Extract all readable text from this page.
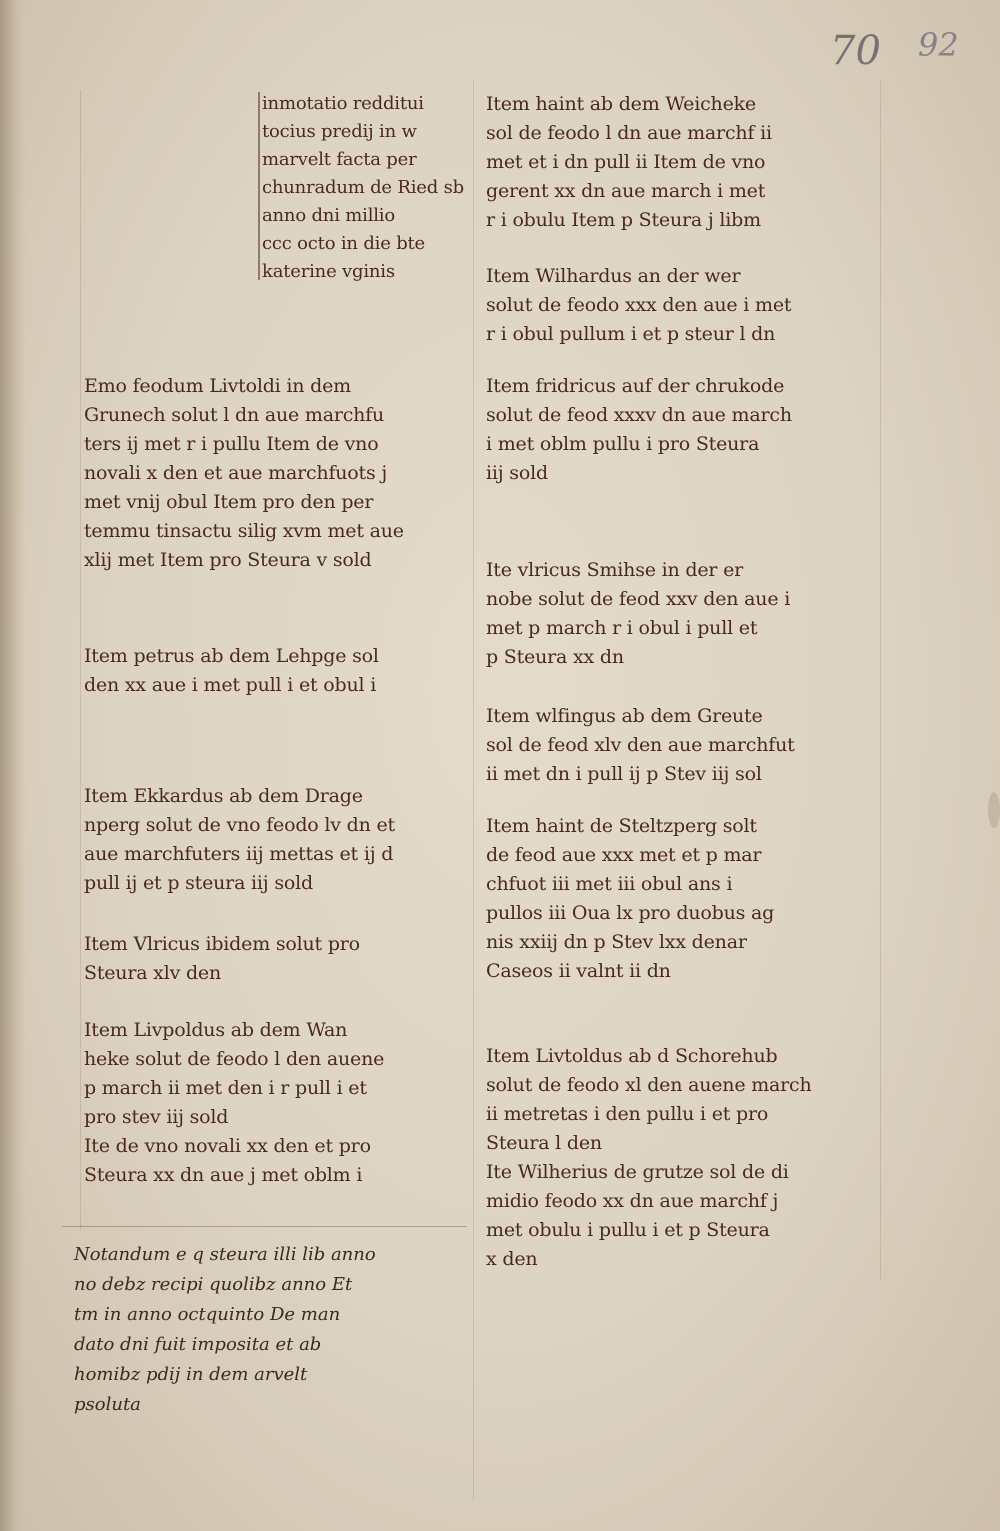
70 92
inmotatio redditui
tocius predij in w
marvelt facta per
chunradum de Ried sb
anno dni millio
ccc octo in die bte
katerine vginis
Emo feodum Livtoldi in dem
Grunech solut l dn aue marchfu
ters ij met r i pullu Item de vno
novali x den et aue marchfuots j
met vnij obul Item pro den per
temmu tinsactu silig xvm met aue
xlij met Item pro Steura v sold
Item petrus ab dem Lehpge sol
den xx aue i met pull i et obul i
Item Ekkardus ab dem Drage
nperg solut de vno feodo lv dn et
aue marchfuters iij mettas et ij d
pull ij et p steura iij sold
Item Vlricus ibidem solut pro
Steura xlv den
Item Livpoldus ab dem Wan
heke solut de feodo l den auene
p march ii met den i r pull i et
pro stev iij sold
Ite de vno novali xx den et pro
Steura xx dn aue j met oblm i
Notandum e q steura illi lib anno
no debz recipi quolibz anno Et
tm in anno octquinto De man
dato dni fuit imposita et ab
homibz pdij in dem arvelt
psoluta
Item haint ab dem Weicheke
sol de feodo l dn aue marchf ii
met et i dn pull ii Item de vno
gerent xx dn aue march i met
r i obulu Item p Steura j libm
Item Wilhardus an der wer
solut de feodo xxx den aue i met
r i obul pullum i et p steur l dn
Item fridricus auf der chrukode
solut de feod xxxv dn aue march
i met oblm pullu i pro Steura
iij sold
Ite vlricus Smihse in der er
nobe solut de feod xxv den aue i
met p march r i obul i pull et
p Steura xx dn
Item wlfingus ab dem Greute
sol de feod xlv den aue marchfut
ii met dn i pull ij p Stev iij sol
Item haint de Steltzperg solt
de feod aue xxx met et p mar
chfuot iii met iii obul ans i
pullos iii Oua lx pro duobus ag
nis xxiij dn p Stev lxx denar
Caseos ii valnt ii dn
Item Livtoldus ab d Schorehub
solut de feodo xl den auene march
ii metretas i den pullu i et pro
Steura l den
Ite Wilherius de grutze sol de di
midio feodo xx dn aue marchf j
met obulu i pullu i et p Steura
x den
